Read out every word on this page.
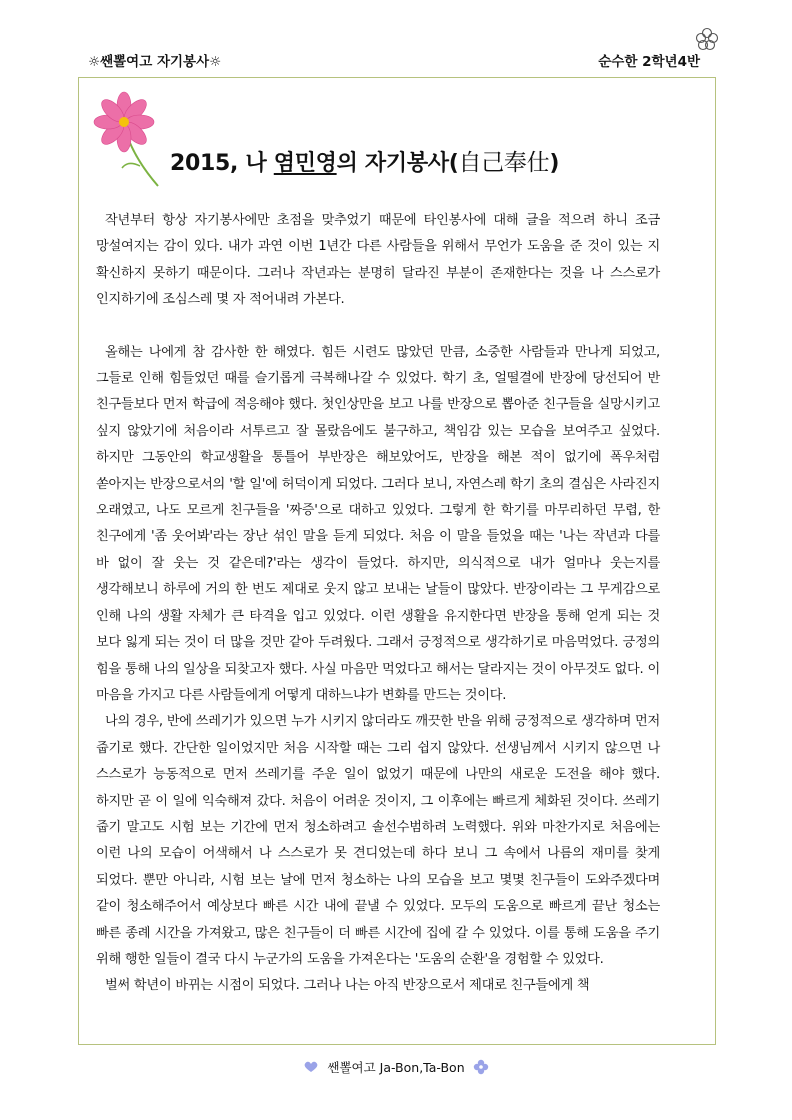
☼쌘뽈여고 자기봉사☼	순수한 2학년4반
2015, 나 염민영의 자기봉사(自己奉仕)

작년부터 항상 자기봉사에만 초점을 맞추었기 때문에 타인봉사에 대해 글을 적으려 하니 조금 망설여지는 감이 있다. 내가 과연 이번 1년간 다른 사람들을 위해서 무언가 도움을 준 것이 있는 지 확신하지 못하기 때문이다. 그러나 작년과는 분명히 달라진 부분이 존재한다는 것을 나 스스로가 인지하기에 조심스레 몇 자 적어내려 가본다.

올해는 나에게 참 감사한 한 해였다. 힘든 시련도 많았던 만큼, 소중한 사람들과 만나게 되었고, 그들로 인해 힘들었던 때를 슬기롭게 극복해나갈 수 있었다. 학기 초, 얼떨결에 반장에 당선되어 반 친구들보다 먼저 학급에 적응해야 했다. 첫인상만을 보고 나를 반장으로 뽑아준 친구들을 실망시키고 싶지 않았기에 처음이라 서투르고 잘 몰랐음에도 불구하고, 책임감 있는 모습을 보여주고 싶었다. 하지만 그동안의 학교생활을 통틀어 부반장은 해보았어도, 반장을 해본 적이 없기에 폭우처럼 쏟아지는 반장으로서의 '할 일'에 허덕이게 되었다. 그러다 보니, 자연스레 학기 초의 결심은 사라진지 오래였고, 나도 모르게 친구들을 '짜증'으로 대하고 있었다. 그렇게 한 학기를 마무리하던 무렵, 한 친구에게 '좀 웃어봐'라는 장난 섞인 말을 듣게 되었다. 처음 이 말을 들었을 때는 '나는 작년과 다를 바 없이 잘 웃는 것 같은데?'라는 생각이 들었다. 하지만, 의식적으로 내가 얼마나 웃는지를 생각해보니 하루에 거의 한 번도 제대로 웃지 않고 보내는 날들이 많았다. 반장이라는 그 무게감으로 인해 나의 생활 자체가 큰 타격을 입고 있었다. 이런 생활을 유지한다면 반장을 통해 얻게 되는 것 보다 잃게 되는 것이 더 많을 것만 같아 두려웠다. 그래서 긍정적으로 생각하기로 마음먹었다. 긍정의 힘을 통해 나의 일상을 되찾고자 했다. 사실 마음만 먹었다고 해서는 달라지는 것이 아무것도 없다. 이 마음을 가지고 다른 사람들에게 어떻게 대하느냐가 변화를 만드는 것이다.

나의 경우, 반에 쓰레기가 있으면 누가 시키지 않더라도 깨끗한 반을 위해 긍정적으로 생각하며 먼저 줍기로 했다. 간단한 일이었지만 처음 시작할 때는 그리 쉽지 않았다. 선생님께서 시키지 않으면 나 스스로가 능동적으로 먼저 쓰레기를 주운 일이 없었기 때문에 나만의 새로운 도전을 해야 했다. 하지만 곧 이 일에 익숙해져 갔다. 처음이 어려운 것이지, 그 이후에는 빠르게 체화된 것이다. 쓰레기 줍기 말고도 시험 보는 기간에 먼저 청소하려고 솔선수범하려 노력했다. 위와 마찬가지로 처음에는 이런 나의 모습이 어색해서 나 스스로가 못 견디었는데 하다 보니 그 속에서 나름의 재미를 찾게 되었다. 뿐만 아니라, 시험 보는 날에 먼저 청소하는 나의 모습을 보고 몇몇 친구들이 도와주겠다며 같이 청소해주어서 예상보다 빠른 시간 내에 끝낼 수 있었다. 모두의 도움으로 빠르게 끝난 청소는 빠른 종례 시간을 가져왔고, 많은 친구들이 더 빠른 시간에 집에 갈 수 있었다. 이를 통해 도움을 주기 위해 행한 일들이 결국 다시 누군가의 도움을 가져온다는 '도움의 순환'을 경험할 수 있었다.

벌써 학년이 바뀌는 시점이 되었다. 그러나 나는 아직 반장으로서 제대로 친구들에게 책

쌘뽈여고 Ja-Bon,Ta-Bon
